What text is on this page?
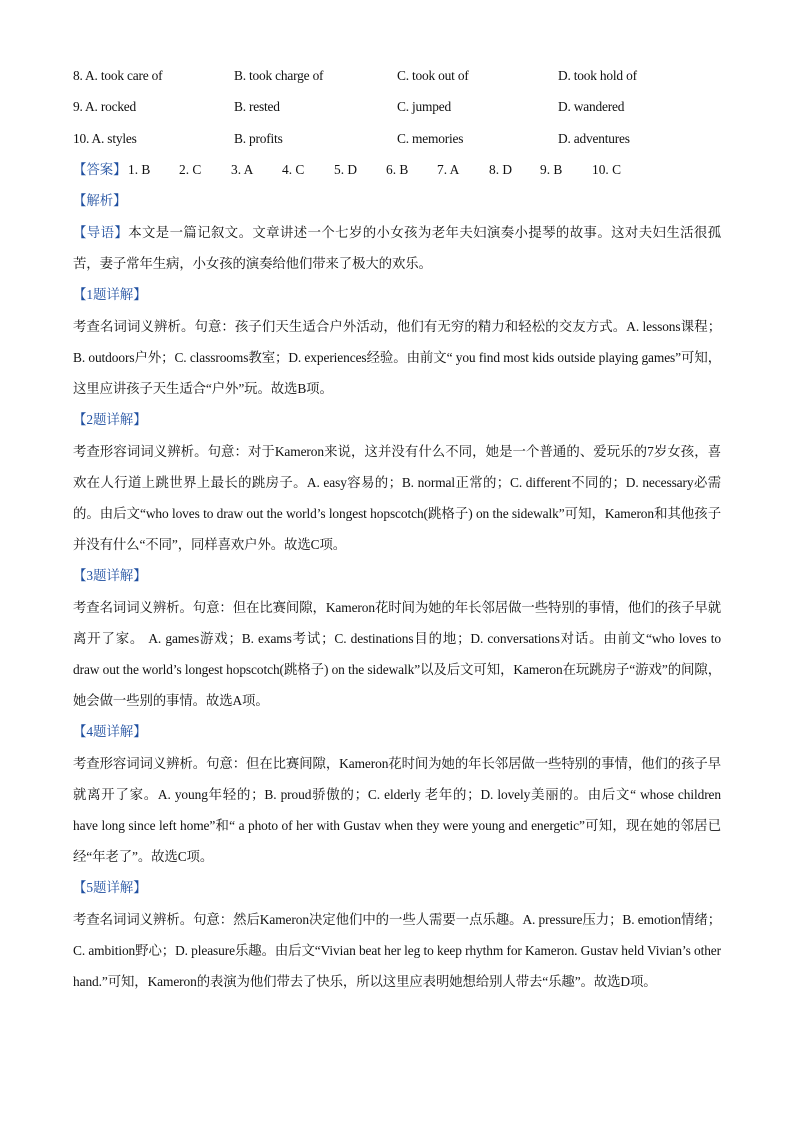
8. A. took care of	B. took charge of	C. took out of	D. took hold of
9. A. rocked	B. rested	C. jumped	D. wandered
10. A. styles	B. profits	C. memories	D. adventures
【答案】 1. B 2. C 3. A 4. C 5. D 6. B 7. A 8. D 9. B 10. C
【解析】
【导语】本文是一篇记叙文。文章讲述一个七岁的小女孩为老年夫妇演奏小提琴的故事。这对夫妇生活很孤苦，妻子常年生病，小女孩的演奏给他们带来了极大的欢乐。
【1题详解】
考查名词词义辨析。句意：孩子们天生适合户外活动，他们有无穷的精力和轻松的交友方式。A. lessons课程；B. outdoors户外；C. classrooms教室；D. experiences经验。由前文“ you find most kids outside playing games”可知，这里应讲孩子天生适合“户外”玩。故选B项。
【2题详解】
考查形容词词义辨析。句意：对于Kameron来说，这并没有什么不同，她是一个普通的、爱玩乐的7岁女孩，喜欢在人行道上跳世界上最长的跳房子。A. easy容易的；B. normal正常的；C. different不同的；D. necessary必需的。由后文“who loves to draw out the world’s longest hopscotch(跳格子) on the sidewalk”可知，Kameron和其他孩子并没有什么“不同”，同样喜欢户外。故选C项。
【3题详解】
考查名词词义辨析。句意：但在比赛间隙，Kameron花时间为她的年长邻居做一些特别的事情，他们的孩子早就离开了家。 A. games游戏；B. exams考试；C. destinations目的地；D. conversations对话。由前文“who loves to draw out the world’s longest hopscotch(跳格子) on the sidewalk”以及后文可知，Kameron在玩跳房子“游戏”的间隙，她会做一些别的事情。故选A项。
【4题详解】
考查形容词词义辨析。句意：但在比赛间隙，Kameron花时间为她的年长邻居做一些特别的事情，他们的孩子早就离开了家。A. young年轻的；B. proud骄傲的；C. elderly 老年的；D. lovely美丽的。由后文“ whose children have long since left home”和“ a photo of her with Gustav when they were young and energetic”可知，现在她的邻居已经“年老了”。故选C项。
【5题详解】
考查名词词义辨析。句意：然后Kameron决定他们中的一些人需要一点乐趣。A. pressure压力；B. emotion情绪；C. ambition野心；D. pleasure乐趣。由后文“Vivian beat her leg to keep rhythm for Kameron. Gustav held Vivian’s other hand.”可知，Kameron的表演为他们带去了快乐，所以这里应表明她想给别人带去“乐趣”。故选D项。
